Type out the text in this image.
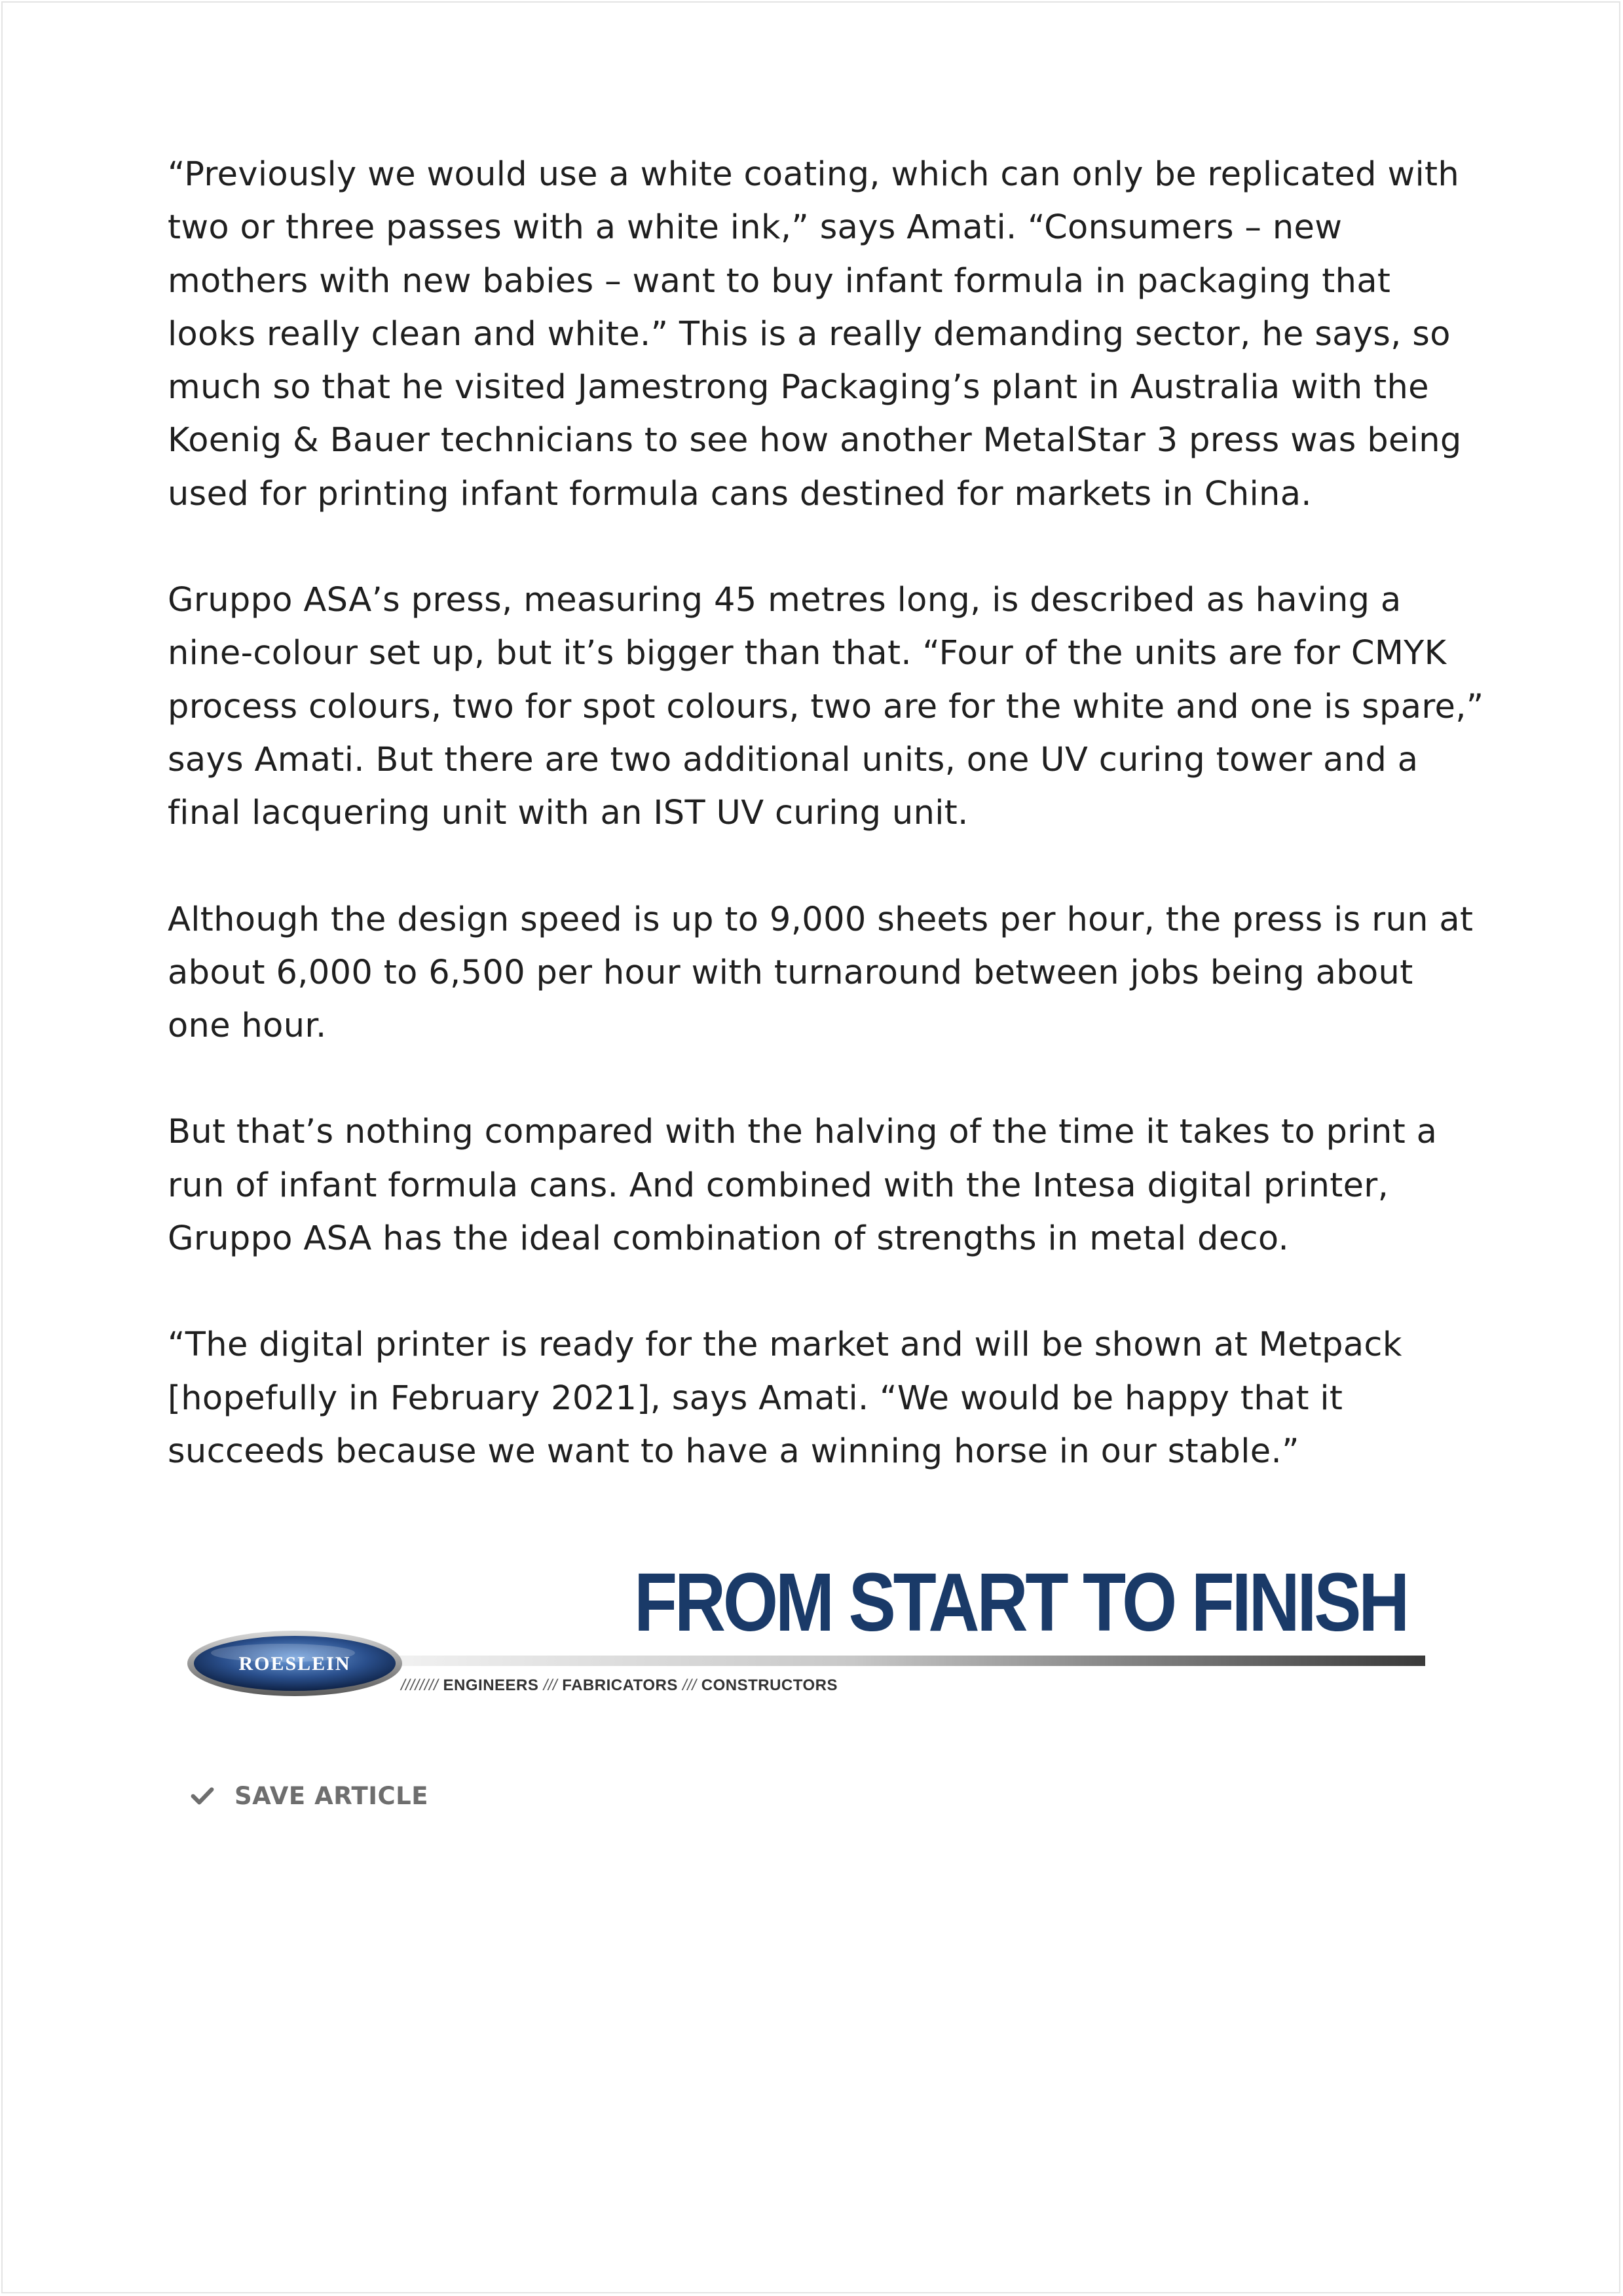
“Previously we would use a white coating, which can only be replicated with
two or three passes with a white ink,” says Amati. “Consumers – new
mothers with new babies – want to buy infant formula in packaging that
looks really clean and white.” This is a really demanding sector, he says, so
much so that he visited Jamestrong Packaging’s plant in Australia with the
Koenig & Bauer technicians to see how another MetalStar 3 press was being
used for printing infant formula cans destined for markets in China.

Gruppo ASA’s press, measuring 45 metres long, is described as having a
nine-colour set up, but it’s bigger than that. “Four of the units are for CMYK
process colours, two for spot colours, two are for the white and one is spare,”
says Amati. But there are two additional units, one UV curing tower and a
final lacquering unit with an IST UV curing unit.

Although the design speed is up to 9,000 sheets per hour, the press is run at
about 6,000 to 6,500 per hour with turnaround between jobs being about
one hour.

But that’s nothing compared with the halving of the time it takes to print a
run of infant formula cans. And combined with the Intesa digital printer,
Gruppo ASA has the ideal combination of strengths in metal deco.

“The digital printer is ready for the market and will be shown at Metpack
[hopefully in February 2021], says Amati. “We would be happy that it
succeeds because we want to have a winning horse in our stable.”

FROM START TO FINISH
ROESLEIN
//////// ENGINEERS /// FABRICATORS /// CONSTRUCTORS
SAVE ARTICLE
